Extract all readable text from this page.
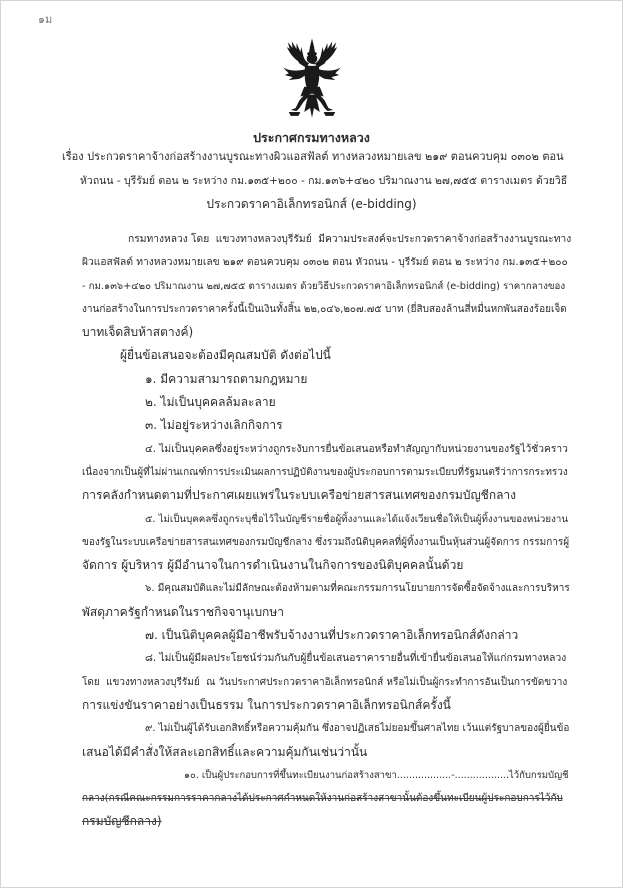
๑ม
ประกาศกรมทางหลวง
เรื่อง ประกวดราคาจ้างก่อสร้างงานบูรณะทางผิวแอสฟัลต์ ทางหลวงหมายเลข ๒๑๙ ตอนควบคุม ๐๓๐๒ ตอน
หัวถนน - บุรีรัมย์ ตอน ๒ ระหว่าง กม.๑๓๕+๒๐๐ - กม.๑๓๖+๔๒๐ ปริมาณงาน ๒๗,๗๕๕ ตารางเมตร ด้วยวิธี
ประกวดราคาอิเล็กทรอนิกส์ (e-bidding)
กรมทางหลวง โดย  แขวงทางหลวงบุรีรัมย์  มีความประสงค์จะประกวดราคาจ้างก่อสร้างงานบูรณะทาง
ผิวแอสฟัลต์ ทางหลวงหมายเลข ๒๑๙ ตอนควบคุม ๐๓๐๒ ตอน หัวถนน - บุรีรัมย์ ตอน ๒ ระหว่าง กม.๑๓๕+๒๐๐
- กม.๑๓๖+๔๒๐ ปริมาณงาน ๒๗,๗๕๕ ตารางเมตร ด้วยวิธีประกวดราคาอิเล็กทรอนิกส์ (e-bidding) ราคากลางของ
งานก่อสร้างในการประกวดราคาครั้งนี้เป็นเงินทั้งสิ้น ๒๒,๐๔๖,๒๐๗.๗๕ บาท (ยี่สิบสองล้านสี่หมื่นหกพันสองร้อยเจ็ด
บาทเจ็ดสิบห้าสตางค์)
ผู้ยื่นข้อเสนอจะต้องมีคุณสมบัติ ดังต่อไปนี้
๑. มีความสามารถตามกฎหมาย
๒. ไม่เป็นบุคคลล้มละลาย
๓. ไม่อยู่ระหว่างเลิกกิจการ
๔. ไม่เป็นบุคคลซึ่งอยู่ระหว่างถูกระงับการยื่นข้อเสนอหรือทำสัญญากับหน่วยงานของรัฐไว้ชั่วคราว
เนื่องจากเป็นผู้ที่ไม่ผ่านเกณฑ์การประเมินผลการปฏิบัติงานของผู้ประกอบการตามระเบียบที่รัฐมนตรีว่าการกระทรวง
การคลังกำหนดตามที่ประกาศเผยแพร่ในระบบเครือข่ายสารสนเทศของกรมบัญชีกลาง
๕. ไม่เป็นบุคคลซึ่งถูกระบุชื่อไว้ในบัญชีรายชื่อผู้ทิ้งงานและได้แจ้งเวียนชื่อให้เป็นผู้ทิ้งงานของหน่วยงาน
ของรัฐในระบบเครือข่ายสารสนเทศของกรมบัญชีกลาง ซึ่งรวมถึงนิติบุคคลที่ผู้ทิ้งงานเป็นหุ้นส่วนผู้จัดการ กรรมการผู้
จัดการ ผู้บริหาร ผู้มีอำนาจในการดำเนินงานในกิจการของนิติบุคคลนั้นด้วย
๖. มีคุณสมบัติและไม่มีลักษณะต้องห้ามตามที่คณะกรรมการนโยบายการจัดซื้อจัดจ้างและการบริหาร
พัสดุภาครัฐกำหนดในราชกิจจานุเบกษา
๗. เป็นนิติบุคคลผู้มีอาชีพรับจ้างงานที่ประกวดราคาอิเล็กทรอนิกส์ดังกล่าว
๘. ไม่เป็นผู้มีผลประโยชน์ร่วมกันกับผู้ยื่นข้อเสนอราคารายอื่นที่เข้ายื่นข้อเสนอให้แก่กรมทางหลวง
โดย  แขวงทางหลวงบุรีรัมย์  ณ วันประกาศประกวดราคาอิเล็กทรอนิกส์ หรือไม่เป็นผู้กระทำการอันเป็นการขัดขวาง
การแข่งขันราคาอย่างเป็นธรรม ในการประกวดราคาอิเล็กทรอนิกส์ครั้งนี้
๙. ไม่เป็นผู้ได้รับเอกสิทธิ์หรือความคุ้มกัน ซึ่งอาจปฏิเสธไม่ยอมขึ้นศาลไทย เว้นแต่รัฐบาลของผู้ยื่นข้อ
เสนอได้มีคำสั่งให้สละเอกสิทธิ์และความคุ้มกันเช่นว่านั้น
๑๐. เป็นผู้ประกอบการที่ขึ้นทะเบียนงานก่อสร้างสาขา..................-..................ไว้กับกรมบัญชี
กลาง(กรณีคณะกรรมการราคากลางได้ประกาศกำหนดให้งานก่อสร้างสาขานั้นต้องขึ้นทะเบียนผู้ประกอบการไว้กับ
กรมบัญชีกลาง)
